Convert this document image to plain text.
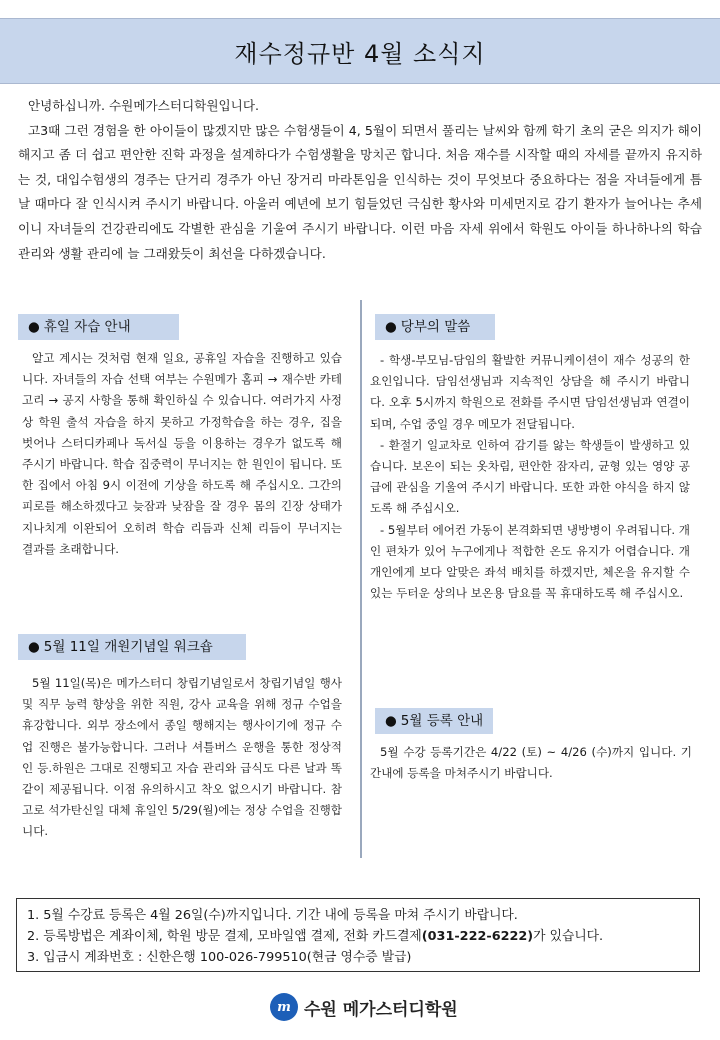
재수정규반 4월 소식지

안녕하십니까. 수원메가스터디학원입니다.

고3때 그런 경험을 한 아이들이 많겠지만 많은 수험생들이 4, 5월이 되면서 풀리는 날씨와 함께 학기 초의 굳은 의지가 해이해지고 좀 더 쉽고 편안한 진학 과정을 설계하다가 수험생활을 망치곤 합니다. 처음 재수를 시작할 때의 자세를 끝까지 유지하는 것, 대입수험생의 경주는 단거리 경주가 아닌 장거리 마라톤임을 인식하는 것이 무엇보다 중요하다는 점을 자녀들에게 틈날 때마다 잘 인식시켜 주시기 바랍니다. 아울러 예년에 보기 힘들었던 극심한 황사와 미세먼지로 감기 환자가 늘어나는 추세이니 자녀들의 건강관리에도 각별한 관심을 기울여 주시기 바랍니다. 이런 마음 자세 위에서 학원도 아이들 하나하나의 학습 관리와 생활 관리에 늘 그래왔듯이 최선을 다하겠습니다.

● 휴일 자습 안내

알고 계시는 것처럼 현재 일요, 공휴일 자습을 진행하고 있습니다. 자녀들의 자습 선택 여부는 수원메가 홈피 → 재수반 카테고리 → 공지 사항을 통해 확인하실 수 있습니다. 여러가지 사정상 학원 출석 자습을 하지 못하고 가정학습을 하는 경우, 집을 벗어나 스터디카페나 독서실 등을 이용하는 경우가 없도록 해 주시기 바랍니다. 학습 집중력이 무너지는 한 원인이 됩니다. 또한 집에서 아침 9시 이전에 기상을 하도록 해 주십시오. 그간의 피로를 해소하겠다고 늦잠과 낮잠을 잘 경우 몸의 긴장 상태가 지나치게 이완되어 오히려 학습 리듬과 신체 리듬이 무너지는 결과를 초래합니다.

● 5월 11일 개원기념일 워크숍

5월 11일(목)은 메가스터디 창립기념일로서 창립기념일 행사 및 직무 능력 향상을 위한 직원, 강사 교육을 위해 정규 수업을 휴강합니다. 외부 장소에서 종일 행해지는 행사이기에 정규 수업 진행은 불가능합니다. 그러나 셔틀버스 운행을 통한 정상적인 등.하원은 그대로 진행되고 자습 관리와 급식도 다른 날과 똑같이 제공됩니다. 이점 유의하시고 착오 없으시기 바랍니다. 참고로 석가탄신일 대체 휴일인 5/29(월)에는 정상 수업을 진행합니다.

● 당부의 말씀

- 학생-부모님-담임의 활발한 커뮤니케이션이 재수 성공의 한 요인입니다. 담임선생님과 지속적인 상담을 해 주시기 바랍니다. 오후 5시까지 학원으로 전화를 주시면 담임선생님과 연결이 되며, 수업 중일 경우 메모가 전달됩니다.

- 환절기 일교차로 인하여 감기를 앓는 학생들이 발생하고 있습니다. 보온이 되는 옷차림, 편안한 잠자리, 균형 있는 영양 공급에 관심을 기울여 주시기 바랍니다. 또한 과한 야식을 하지 않도록 해 주십시오.

- 5월부터 에어컨 가동이 본격화되면 냉방병이 우려됩니다. 개인 편차가 있어 누구에게나 적합한 온도 유지가 어렵습니다. 개개인에게 보다 알맞은 좌석 배치를 하겠지만, 체온을 유지할 수 있는 두터운 상의나 보온용 담요를 꼭 휴대하도록 해 주십시오.

● 5월 등록 안내

5월 수강 등록기간은 4/22 (토) ~ 4/26 (수)까지 입니다. 기간내에 등록을 마쳐주시기 바랍니다.

1. 5월 수강료 등록은 4월 26일(수)까지입니다. 기간 내에 등록을 마쳐 주시기 바랍니다.
2. 등록방법은 계좌이체, 학원 방문 결제, 모바일앱 결제, 전화 카드결제(031-222-6222)가 있습니다.
3. 입금시 계좌번호 : 신한은행 100-026-799510(현금 영수증 발급)
m 수원 메가스터디학원
